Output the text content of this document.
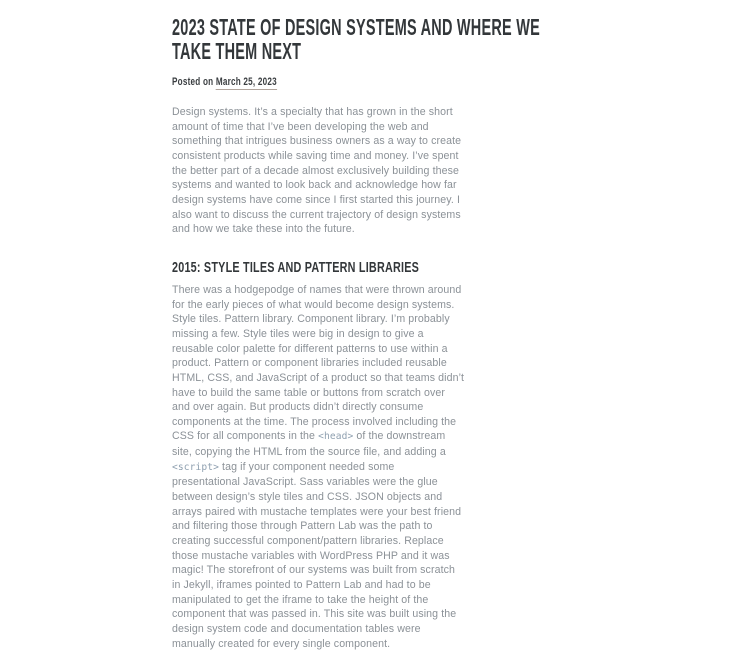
2023 STATE OF DESIGN SYSTEMS AND WHERE WE TAKE THEM NEXT
Posted on March 25, 2023

Design systems. It’s a specialty that has grown in the short amount of time that I’ve been developing the web and something that intrigues business owners as a way to create consistent products while saving time and money. I’ve spent the better part of a decade almost exclusively building these systems and wanted to look back and acknowledge how far design systems have come since I first started this journey. I also want to discuss the current trajectory of design systems and how we take these into the future.

2015: STYLE TILES AND PATTERN LIBRARIES

There was a hodgepodge of names that were thrown around for the early pieces of what would become design systems. Style tiles. Pattern library. Component library. I’m probably missing a few. Style tiles were big in design to give a reusable color palette for different patterns to use within a product. Pattern or component libraries included reusable HTML, CSS, and JavaScript of a product so that teams didn’t have to build the same table or buttons from scratch over and over again. But products didn’t directly consume components at the time. The process involved including the CSS for all components in the <head> of the downstream site, copying the HTML from the source file, and adding a <script> tag if your component needed some presentational JavaScript. Sass variables were the glue between design’s style tiles and CSS. JSON objects and arrays paired with mustache templates were your best friend and filtering those through Pattern Lab was the path to creating successful component/pattern libraries. Replace those mustache variables with WordPress PHP and it was magic! The storefront of our systems was built from scratch in Jekyll, iframes pointed to Pattern Lab and had to be manipulated to get the iframe to take the height of the component that was passed in. This site was built using the design system code and documentation tables were manually created for every single component.
